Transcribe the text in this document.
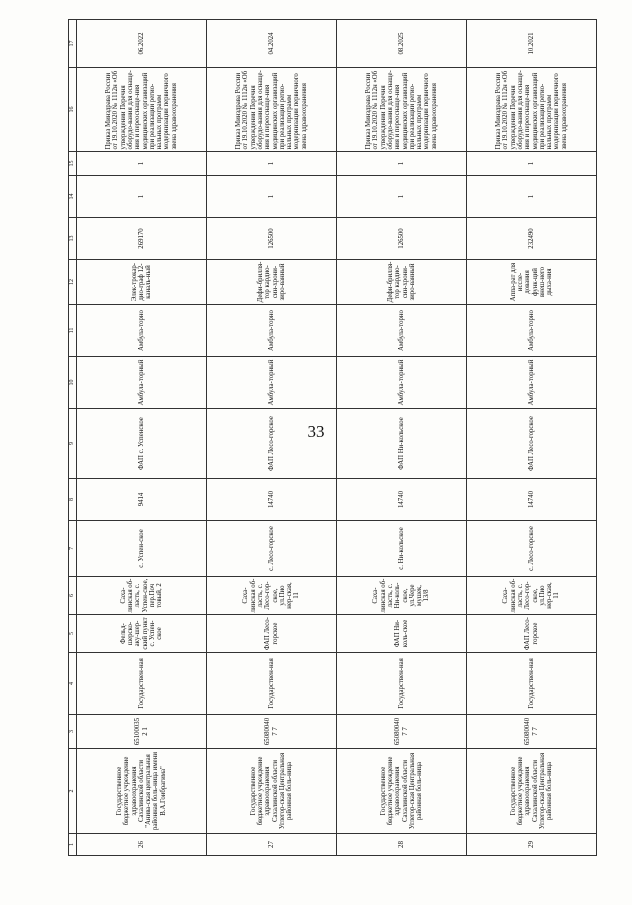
33
1	2	3	4	5	6	7	8	9	10	11	12	13	14	15	16	17
26	Государственное бюджетное учреждение здравоохранения Сахалинской области "Анива-ская центральная районная боль-ница имени В.А.Гоибрагима"	651000352 1	Государствен-ная	Фельд-шерско-аку-шер-ский пункт с. Успен-ское	Саха-линская об-ласть, с. Успен-ское, пер.Поч товый, 2	с. Успен-ское	9414	ФАП с. Успенское	Амбула-торный	Амбула-торно	Элек-трокар-дио-граф 12-каналь-ный	269170	1	1	Приказ Минздрава России от 19.10.2020 № 1112н «Об утверждении Перечня оборудо-вания для оснаще-ния и переоснаще-ния медицинских организаций при реализации регио-нальных программ модернизации первичного звена здравоохранения	06.2022
27	Государственное бюджетное учреждение здравоохранения Сахалинской области Углегор-ская Центральная районная боль-ница	650800407 7	Государствен-ная	ФАП Лесо-горское	Саха-линская об-ласть, с. Лесо-гор-ское, ул.Пио нер-ская, 11	с. Лесо-горское	14740	ФАП Лесо-горское	Амбула-торный	Амбула-торно	Дефи-брилля-тор кардио-син-хрони-зиро-ванный	126500	1	1	Приказ Минздрава России от 19.10.2020 № 1112н «Об утверждении Перечня оборудо-вания для оснаще-ния и переоснаще-ния медицинских организаций при реализации регио-нальных программ модернизации первичного звена здравоохранения	04.2024
28	Государственное бюджетное учреждение здравоохранения Сахалинской области Углегор-ская Центральная районная боль-ница	650800407 7	Государствен-ная	ФАП Ни-коль-ское	Саха-линская об-ласть, с. Ни-коль-ское, ул.Чере мушек, 13/8	с. Ни-кольское	14740	ФАП Ни-кольское	Амбула-торный	Амбула-торно	Дефи-брилля-тор кардио-син-хрони-зиро-ванный	126500	1	1	Приказ Минздрава России от 19.10.2020 № 1112н «Об утверждении Перечня оборудо-вания для оснаще-ния и переоснаще-ния медицинских организаций при реализации регио-нальных программ модернизации первичного звена здравоохранения	08.2025
29	Государственное бюджетное учреждение здравоохранения Сахалинской области Углегор-ская Центральная районная боль-ница	650800407 7	Государствен-ная	ФАП Лесо-горское	Саха-линская об-ласть, с. Лесо-гор-ское, ул.Пио нер-ская, 11	с. Лесо-горское	14740	ФАП Лесо-горское	Амбула-торный	Амбула-торно	Аппа-рат для иссле-дования функ-ций внеш-него дыха-ния	232490	1	1	Приказ Минздрава России от 19.10.2020 № 1112н «Об утверждении Перечня оборудо-вания для оснаще-ния и переоснаще-ния медицинских организаций при реализации регио-нальных программ модернизации первичного звена здравоохранения	10.2021
